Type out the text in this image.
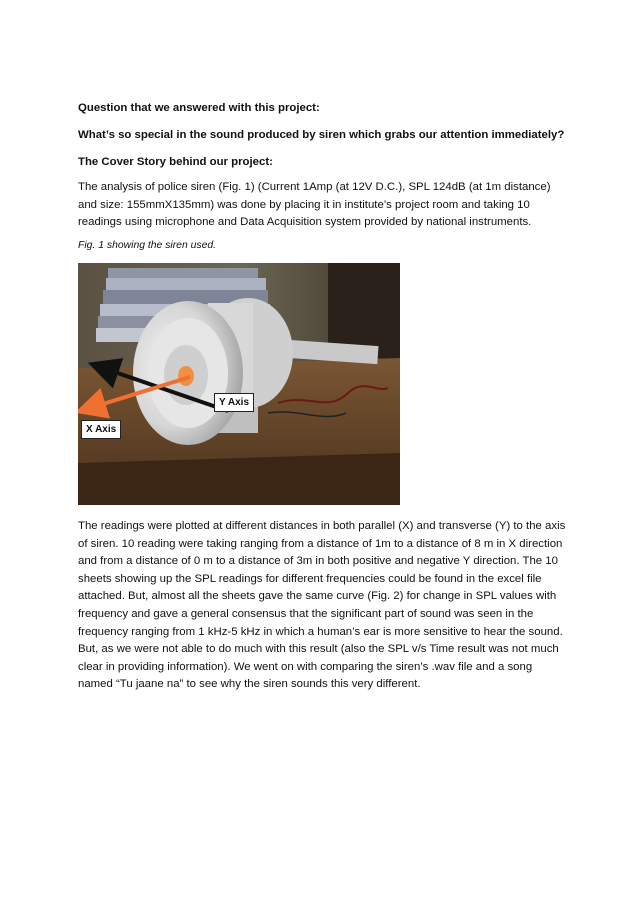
Question that we answered with this project:
What’s so special in the sound produced by siren which grabs our attention immediately?
The Cover Story behind our project:

The analysis of police siren (Fig. 1) (Current 1Amp (at 12V D.C.), SPL 124dB (at 1m distance) and size: 155mmX135mm) was done by placing it in institute’s project room and taking 10 readings using microphone and Data Acquisition system provided by national instruments.

Fig. 1 showing the siren used.
Y Axis
X Axis

The readings were plotted at different distances in both parallel (X) and transverse (Y) to the axis of siren. 10 reading were taking ranging from a distance of 1m to a distance of 8 m in X direction and from a distance of 0 m to a distance of 3m in both positive and negative Y direction. The 10 sheets showing up the SPL readings for different frequencies could be found in the excel file attached. But, almost all the sheets gave the same curve (Fig. 2) for change in SPL values with frequency and gave a general consensus that the significant part of sound was seen in the frequency ranging from 1 kHz-5 kHz in which a human’s ear is more sensitive to hear the sound. But, as we were not able to do much with this result (also the SPL v/s Time result was not much clear in providing information). We went on with comparing the siren’s .wav file and a song named “Tu jaane na” to see why the siren sounds this very different.
